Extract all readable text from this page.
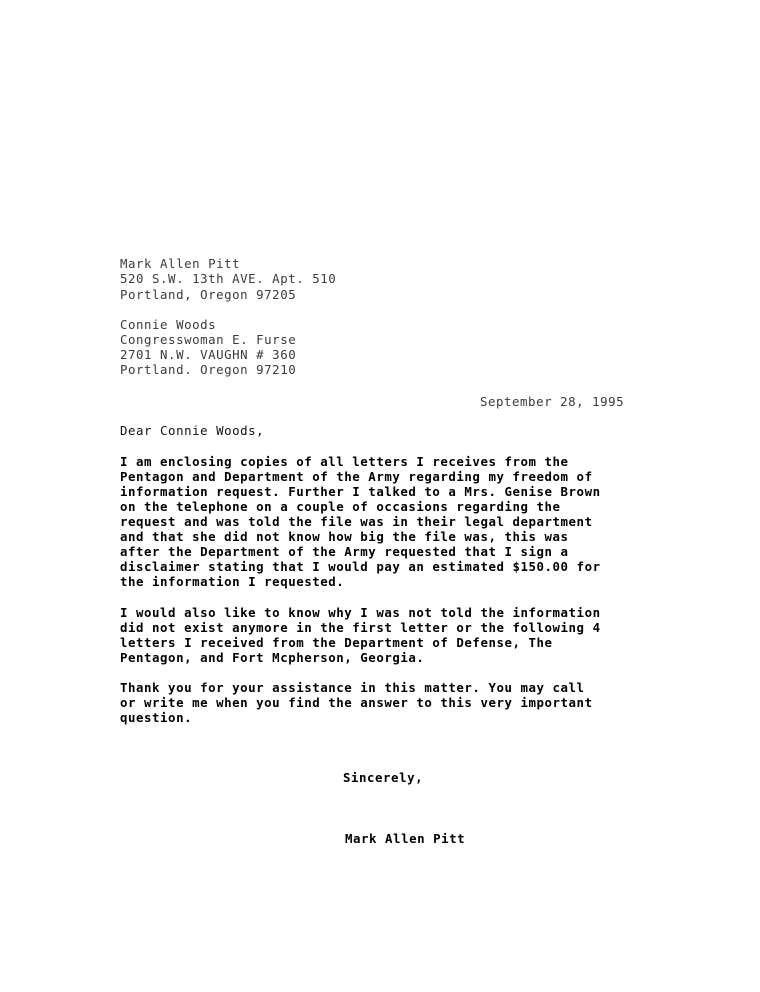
Mark Allen Pitt
520 S.W. 13th AVE. Apt. 510
Portland, Oregon 97205
Connie Woods
Congresswoman E. Furse
2701 N.W. VAUGHN # 360
Portland. Oregon 97210
September 28, 1995
Dear Connie Woods,
I am enclosing copies of all letters I receives from the
Pentagon and Department of the Army regarding my freedom of
information request. Further I talked to a Mrs. Genise Brown
on the telephone on a couple of occasions regarding the
request and was told the file was in their legal department
and that she did not know how big the file was, this was
after the Department of the Army requested that I sign a
disclaimer stating that I would pay an estimated $150.00 for
the information I requested.
I would also like to know why I was not told the information
did not exist anymore in the first letter or the following 4
letters I received from the Department of Defense, The
Pentagon, and Fort Mcpherson, Georgia.
Thank you for your assistance in this matter. You may call
or write me when you find the answer to this very important
question.
Sincerely,
Mark Allen Pitt
